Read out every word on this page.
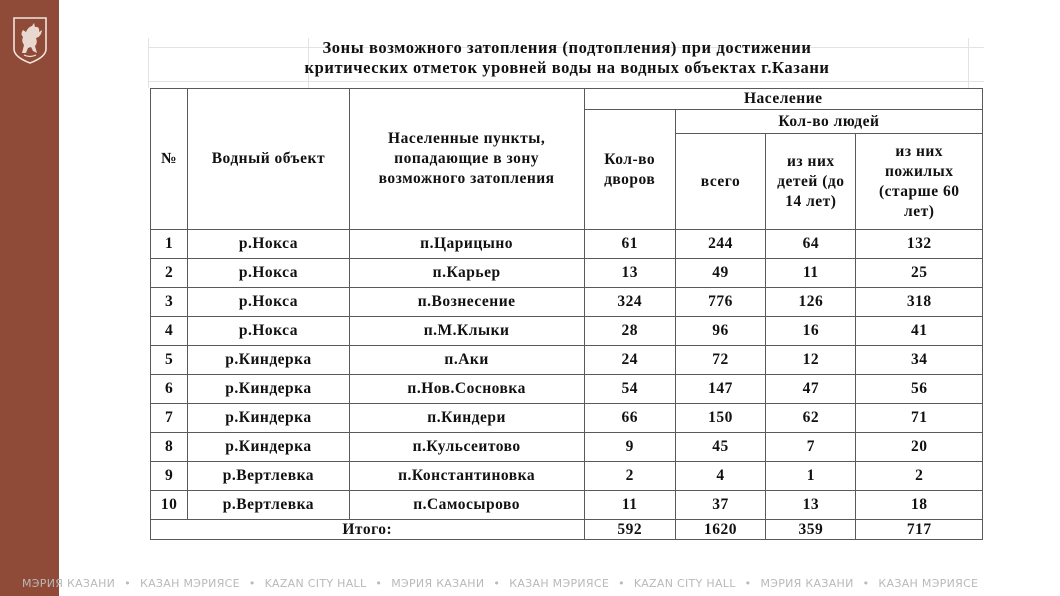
Зоны возможного затопления (подтопления) при достижении
критических отметок уровней воды на водных объектах г.Казани
№	Водный объект	Населенные пункты, попадающие в зону возможного затопления	Население			
			Кол-во дворов	Кол-во людей		
				всего	из них детей (до 14 лет)	из них пожилых (старше 60 лет)
1	р.Нокса	п.Царицыно	61	244	64	132
2	р.Нокса	п.Карьер	13	49	11	25
3	р.Нокса	п.Вознесение	324	776	126	318
4	р.Нокса	п.М.Клыки	28	96	16	41
5	р.Киндерка	п.Аки	24	72	12	34
6	р.Киндерка	п.Нов.Сосновка	54	147	47	56
7	р.Киндерка	п.Киндери	66	150	62	71
8	р.Киндерка	п.Кульсеитово	9	45	7	20
9	р.Вертлевка	п.Константиновка	2	4	1	2
10	р.Вертлевка	п.Самосырово	11	37	13	18
Итого:			592	1620	359	717
МЭРИЯ КАЗАНИ • КАЗАН МЭРИЯСЕ • KAZAN CITY HALL • МЭРИЯ КАЗАНИ • КАЗАН МЭРИЯСЕ • KAZAN CITY HALL • МЭРИЯ КАЗАНИ • КАЗАН МЭРИЯСЕ
